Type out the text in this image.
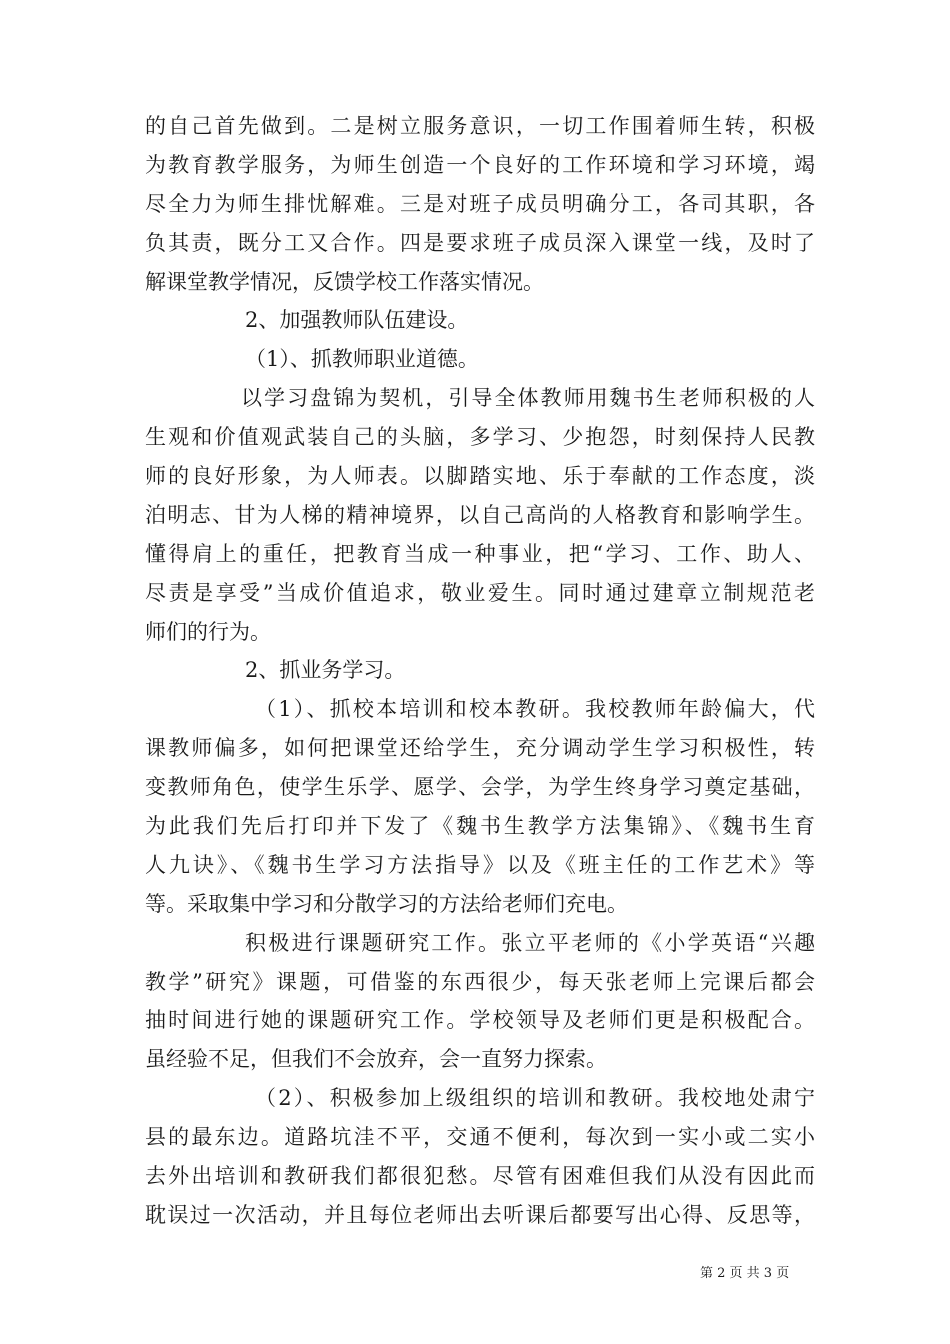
的自己首先做到。二是树立服务意识，一切工作围着师生转，积极
为教育教学服务，为师生创造一个良好的工作环境和学习环境，竭
尽全力为师生排忧解难。三是对班子成员明确分工，各司其职，各
负其责，既分工又合作。四是要求班子成员深入课堂一线，及时了
解课堂教学情况，反馈学校工作落实情况。
2、加强教师队伍建设。
（1）、抓教师职业道德。
以学习盘锦为契机，引导全体教师用魏书生老师积极的人
生观和价值观武装自己的头脑，多学习、少抱怨，时刻保持人民教
师的良好形象，为人师表。以脚踏实地、乐于奉献的工作态度，淡
泊明志、甘为人梯的精神境界，以自己高尚的人格教育和影响学生。
懂得肩上的重任，把教育当成一种事业，把“学习、工作、助人、
尽责是享受”当成价值追求，敬业爱生。同时通过建章立制规范老
师们的行为。
2、抓业务学习。
（1）、抓校本培训和校本教研。我校教师年龄偏大，代
课教师偏多，如何把课堂还给学生，充分调动学生学习积极性，转
变教师角色，使学生乐学、愿学、会学，为学生终身学习奠定基础，
为此我们先后打印并下发了《魏书生教学方法集锦》、《魏书生育
人九诀》、《魏书生学习方法指导》以及《班主任的工作艺术》等
等。采取集中学习和分散学习的方法给老师们充电。
积极进行课题研究工作。张立平老师的《小学英语“兴趣
教学”研究》课题，可借鉴的东西很少，每天张老师上完课后都会
抽时间进行她的课题研究工作。学校领导及老师们更是积极配合。
虽经验不足，但我们不会放弃，会一直努力探索。
（2）、积极参加上级组织的培训和教研。我校地处肃宁
县的最东边。道路坑洼不平，交通不便利，每次到一实小或二实小
去外出培训和教研我们都很犯愁。尽管有困难但我们从没有因此而
耽误过一次活动，并且每位老师出去听课后都要写出心得、反思等，
第 2 页 共 3 页
